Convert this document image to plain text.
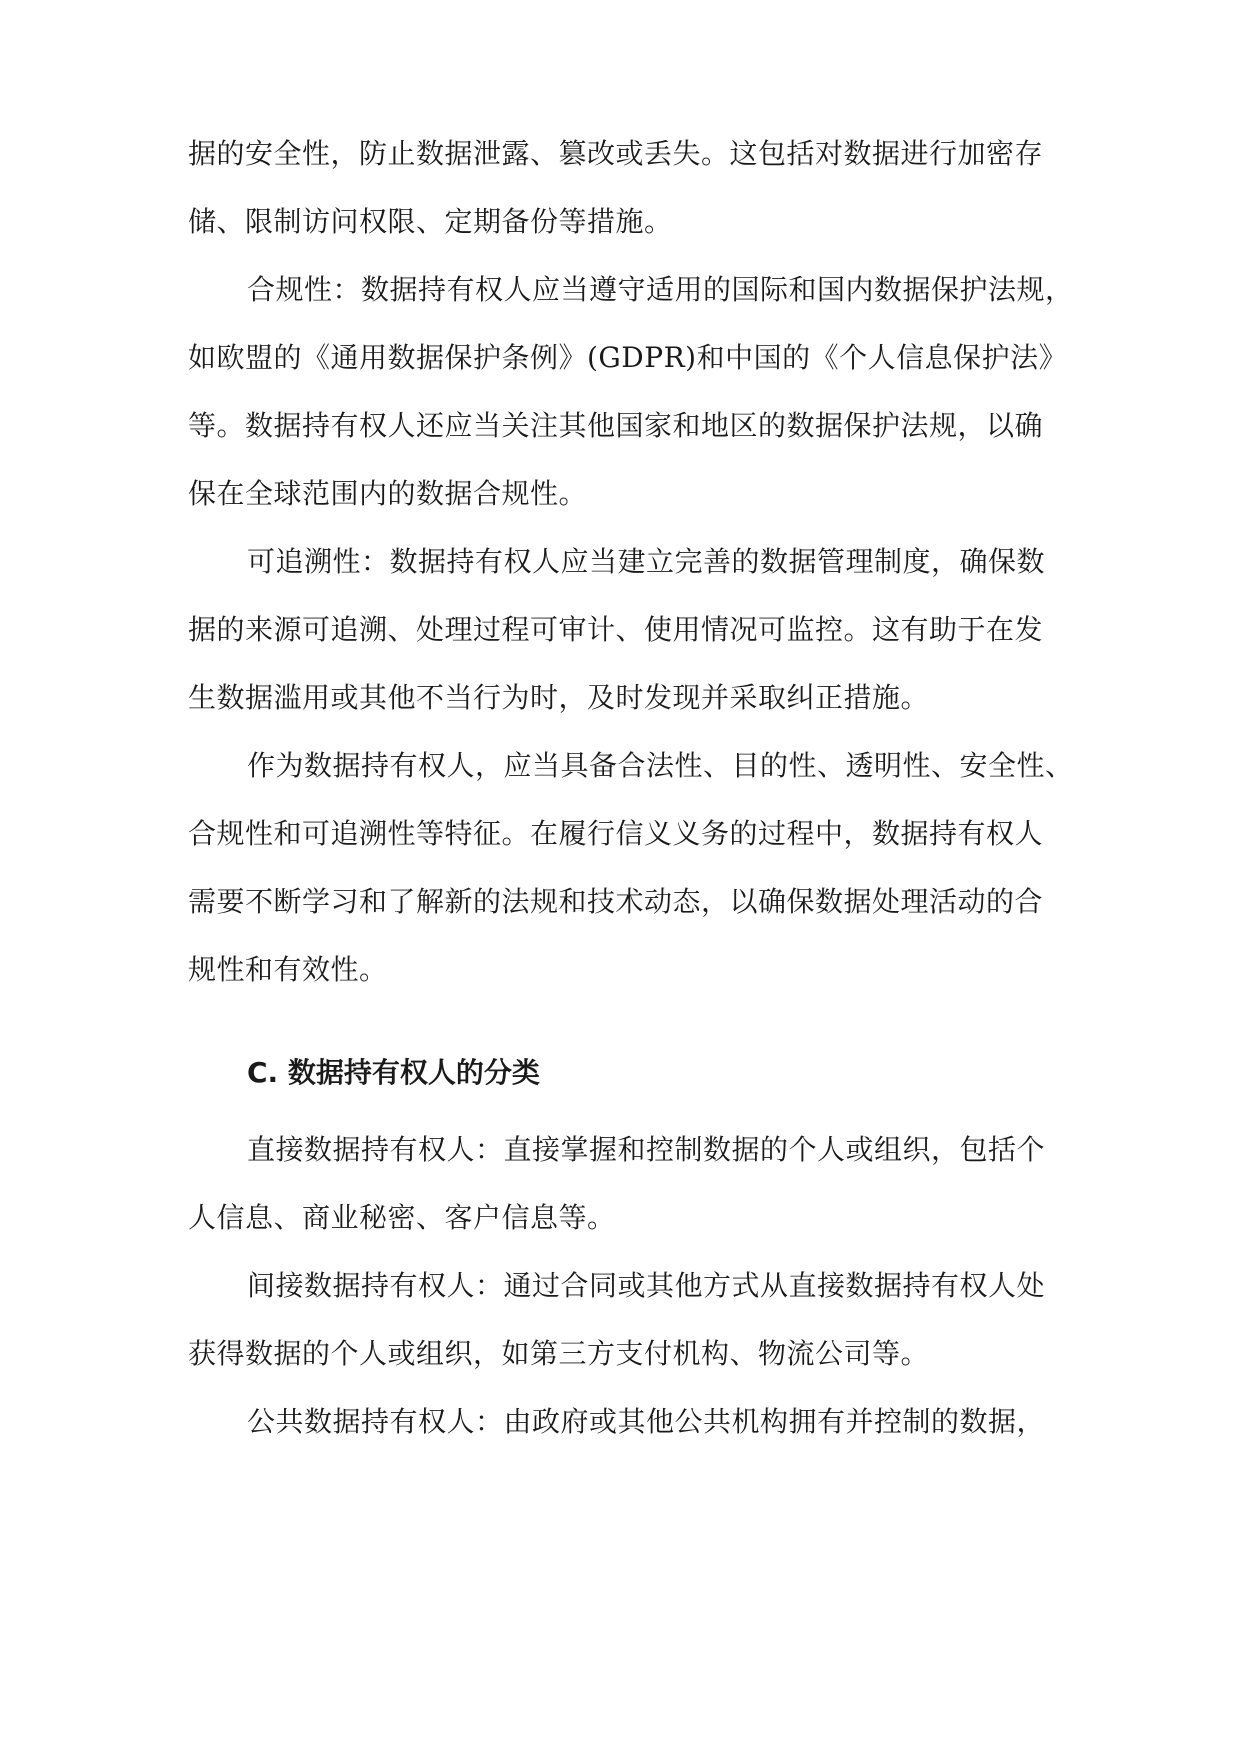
据的安全性，防止数据泄露、篡改或丢失。这包括对数据进行加密存
储、限制访问权限、定期备份等措施。
合规性：数据持有权人应当遵守适用的国际和国内数据保护法规，
如欧盟的《通用数据保护条例》(GDPR)和中国的《个人信息保护法》
等。数据持有权人还应当关注其他国家和地区的数据保护法规，以确
保在全球范围内的数据合规性。
可追溯性：数据持有权人应当建立完善的数据管理制度，确保数
据的来源可追溯、处理过程可审计、使用情况可监控。这有助于在发
生数据滥用或其他不当行为时，及时发现并采取纠正措施。
作为数据持有权人，应当具备合法性、目的性、透明性、安全性、
合规性和可追溯性等特征。在履行信义义务的过程中，数据持有权人
需要不断学习和了解新的法规和技术动态，以确保数据处理活动的合
规性和有效性。
C. 数据持有权人的分类
直接数据持有权人：直接掌握和控制数据的个人或组织，包括个
人信息、商业秘密、客户信息等。
间接数据持有权人：通过合同或其他方式从直接数据持有权人处
获得数据的个人或组织，如第三方支付机构、物流公司等。
公共数据持有权人：由政府或其他公共机构拥有并控制的数据，
